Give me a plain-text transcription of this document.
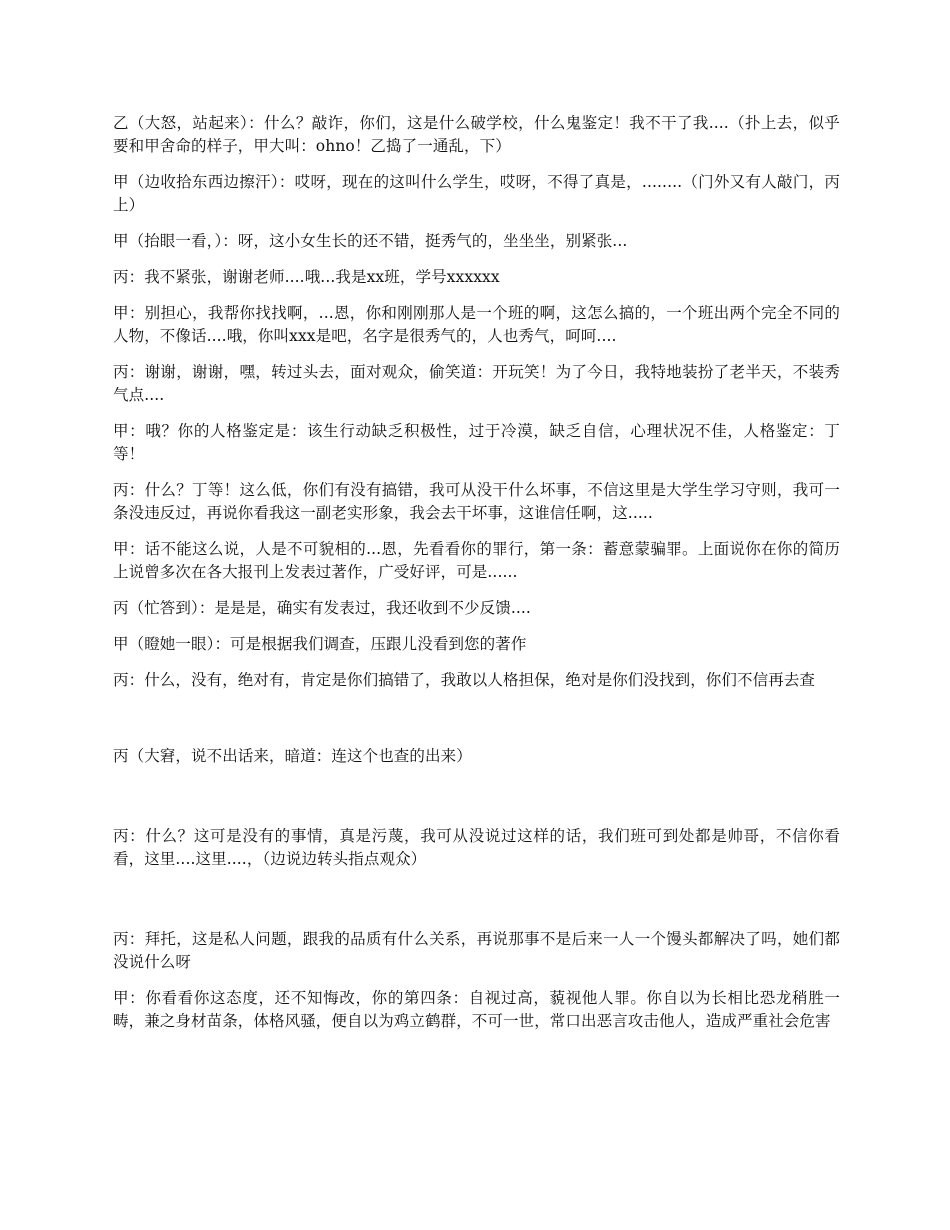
乙（大怒，站起来）：什么？敲诈，你们，这是什么破学校，什么鬼鉴定！我不干了我....（扑上去，似乎要和甲舍命的样子，甲大叫：ohno！乙捣了一通乱，下）

甲（边收拾东西边擦汗）：哎呀，现在的这叫什么学生，哎呀，不得了真是，........（门外又有人敲门，丙上）

甲（抬眼一看，）：呀，这小女生长的还不错，挺秀气的，坐坐坐，别紧张...

丙：我不紧张，谢谢老师....哦...我是xx班，学号xxxxxx

甲：别担心，我帮你找找啊，...恩，你和刚刚那人是一个班的啊，这怎么搞的，一个班出两个完全不同的人物，不像话....哦，你叫xxx是吧，名字是很秀气的，人也秀气，呵呵....

丙：谢谢，谢谢，嘿，转过头去，面对观众，偷笑道：开玩笑！为了今日，我特地装扮了老半天，不装秀气点....

甲：哦？你的人格鉴定是：该生行动缺乏积极性，过于冷漠，缺乏自信，心理状况不佳，人格鉴定：丁等！

丙：什么？丁等！这么低，你们有没有搞错，我可从没干什么坏事，不信这里是大学生学习守则，我可一条没违反过，再说你看我这一副老实形象，我会去干坏事，这谁信任啊，这.....

甲：话不能这么说，人是不可貌相的...恩，先看看你的罪行，第一条：蓄意蒙骗罪。上面说你在你的简历上说曾多次在各大报刊上发表过著作，广受好评，可是......

丙（忙答到）：是是是，确实有发表过，我还收到不少反馈....

甲（瞪她一眼）：可是根据我们调查，压跟儿没看到您的著作

丙：什么，没有，绝对有，肯定是你们搞错了，我敢以人格担保，绝对是你们没找到，你们不信再去查

丙（大窘，说不出话来，暗道：连这个也查的出来）

丙：什么？这可是没有的事情，真是污蔑，我可从没说过这样的话，我们班可到处都是帅哥，不信你看看，这里....这里....，（边说边转头指点观众）

丙：拜托，这是私人问题，跟我的品质有什么关系，再说那事不是后来一人一个馒头都解决了吗，她们都没说什么呀

甲：你看看你这态度，还不知悔改，你的第四条：自视过高，藐视他人罪。你自以为长相比恐龙稍胜一畴，兼之身材苗条，体格风骚，便自以为鸡立鹤群，不可一世，常口出恶言攻击他人，造成严重社会危害
